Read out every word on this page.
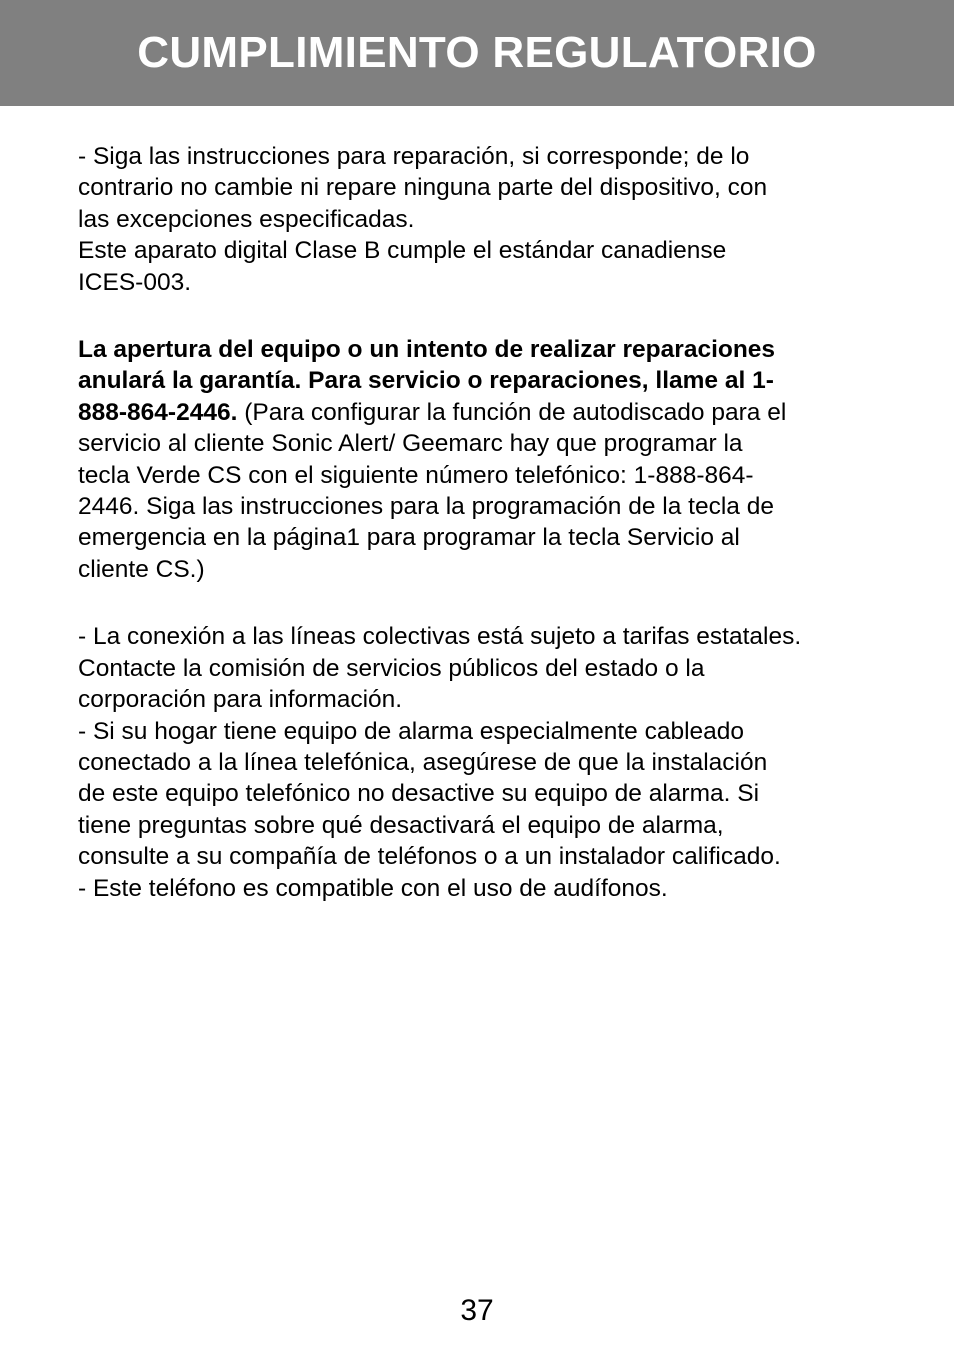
CUMPLIMIENTO REGULATORIO

- Siga las instrucciones para reparación, si corresponde; de lo

contrario no cambie ni repare ninguna parte del dispositivo, con

las excepciones especificadas.

Este aparato digital Clase B cumple el estándar canadiense

ICES-003.

La apertura del equipo o un intento de realizar reparaciones

anulará la garantía. Para servicio o reparaciones, llame al 1-

888-864-2446. (Para configurar la función de autodiscado para el

servicio al cliente Sonic Alert/ Geemarc hay que programar la

tecla Verde CS con el siguiente número telefónico: 1-888-864-

2446. Siga las instrucciones para la programación de la tecla de

emergencia en la página1 para programar la tecla Servicio al

cliente CS.)

- La conexión a las líneas colectivas está sujeto a tarifas estatales.

Contacte la comisión de servicios públicos del estado o la

corporación para información.

- Si su hogar tiene equipo de alarma especialmente cableado

conectado a la línea telefónica, asegúrese de que la instalación

de este equipo telefónico no desactive su equipo de alarma. Si

tiene preguntas sobre qué desactivará el equipo de alarma,

consulte a su compañía de teléfonos o a un instalador calificado.

- Este teléfono es compatible con el uso de audífonos.

37
